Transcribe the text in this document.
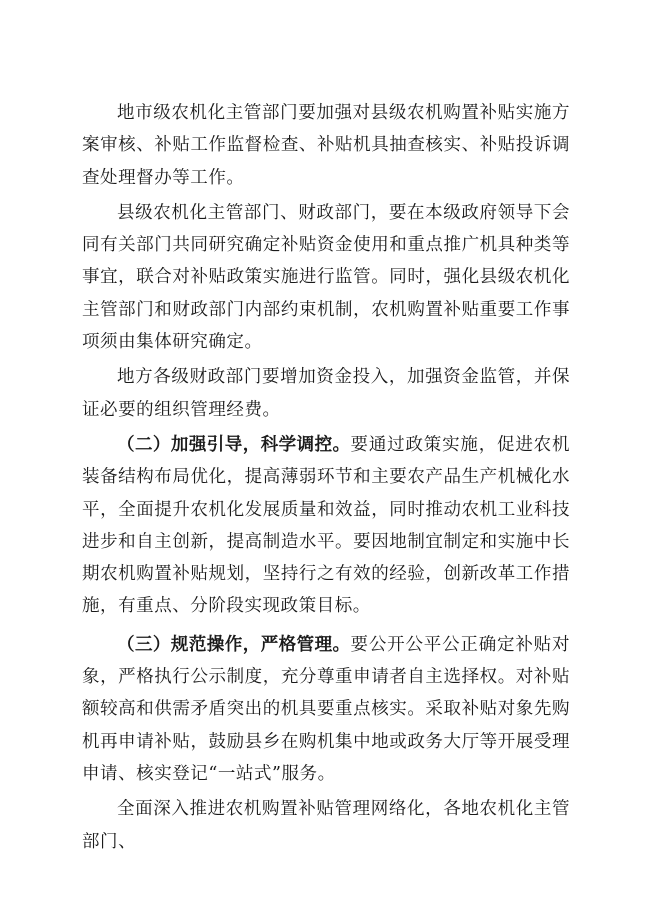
地市级农机化主管部门要加强对县级农机购置补贴实施方案审核、补贴工作监督检查、补贴机具抽查核实、补贴投诉调查处理督办等工作。

县级农机化主管部门、财政部门，要在本级政府领导下会同有关部门共同研究确定补贴资金使用和重点推广机具种类等事宜，联合对补贴政策实施进行监管。同时，强化县级农机化主管部门和财政部门内部约束机制，农机购置补贴重要工作事项须由集体研究确定。

地方各级财政部门要增加资金投入，加强资金监管，并保证必要的组织管理经费。

（二）加强引导，科学调控。要通过政策实施，促进农机装备结构布局优化，提高薄弱环节和主要农产品生产机械化水平，全面提升农机化发展质量和效益，同时推动农机工业科技进步和自主创新，提高制造水平。要因地制宜制定和实施中长期农机购置补贴规划，坚持行之有效的经验，创新改革工作措施，有重点、分阶段实现政策目标。

（三）规范操作，严格管理。要公开公平公正确定补贴对象，严格执行公示制度，充分尊重申请者自主选择权。对补贴额较高和供需矛盾突出的机具要重点核实。采取补贴对象先购机再申请补贴，鼓励县乡在购机集中地或政务大厅等开展受理申请、核实登记“一站式”服务。

全面深入推进农机购置补贴管理网络化，各地农机化主管部门、
